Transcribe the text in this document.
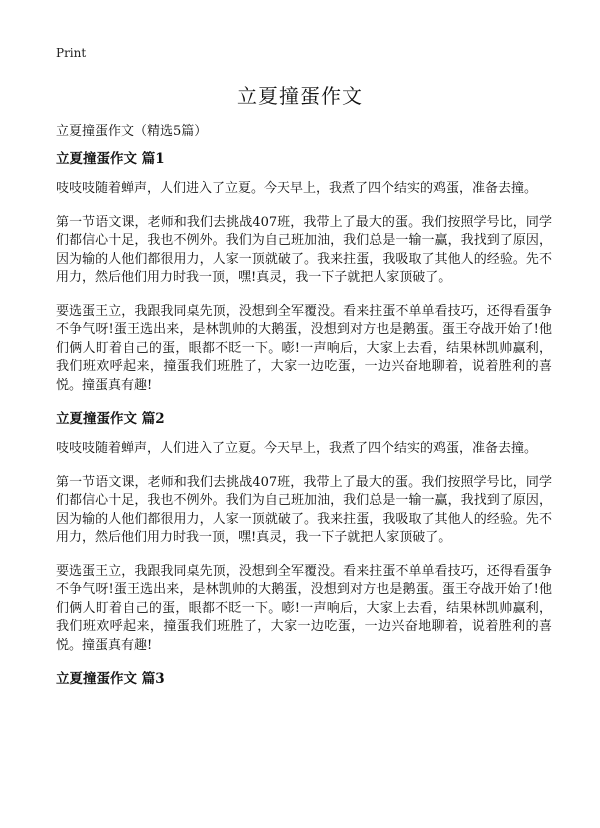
Print
立夏撞蛋作文
立夏撞蛋作文（精选5篇）
立夏撞蛋作文 篇1

吱吱吱随着蝉声，人们进入了立夏。今天早上，我煮了四个结实的鸡蛋，准备去撞。

第一节语文课，老师和我们去挑战407班，我带上了最大的蛋。我们按照学号比，同学们都信心十足，我也不例外。我们为自己班加油，我们总是一输一赢，我找到了原因，因为输的人他们都很用力，人家一顶就破了。我来拄蛋，我吸取了其他人的经验。先不用力，然后他们用力时我一顶，嘿!真灵，我一下子就把人家顶破了。

要选蛋王立，我跟我同桌先顶，没想到全军覆没。看来拄蛋不单单看技巧，还得看蛋争不争气呀!蛋王选出来，是林凯帅的大鹅蛋，没想到对方也是鹅蛋。蛋王夺战开始了!他们俩人盯着自己的蛋，眼都不眨一下。嘭!一声响后，大家上去看，结果林凯帅赢利，我们班欢呼起来，撞蛋我们班胜了，大家一边吃蛋，一边兴奋地聊着，说着胜利的喜悦。撞蛋真有趣!

立夏撞蛋作文 篇2

吱吱吱随着蝉声，人们进入了立夏。今天早上，我煮了四个结实的鸡蛋，准备去撞。

第一节语文课，老师和我们去挑战407班，我带上了最大的蛋。我们按照学号比，同学们都信心十足，我也不例外。我们为自己班加油，我们总是一输一赢，我找到了原因，因为输的人他们都很用力，人家一顶就破了。我来拄蛋，我吸取了其他人的经验。先不用力，然后他们用力时我一顶，嘿!真灵，我一下子就把人家顶破了。

要选蛋王立，我跟我同桌先顶，没想到全军覆没。看来拄蛋不单单看技巧，还得看蛋争不争气呀!蛋王选出来，是林凯帅的大鹅蛋，没想到对方也是鹅蛋。蛋王夺战开始了!他们俩人盯着自己的蛋，眼都不眨一下。嘭!一声响后，大家上去看，结果林凯帅赢利，我们班欢呼起来，撞蛋我们班胜了，大家一边吃蛋，一边兴奋地聊着，说着胜利的喜悦。撞蛋真有趣!

立夏撞蛋作文 篇3
